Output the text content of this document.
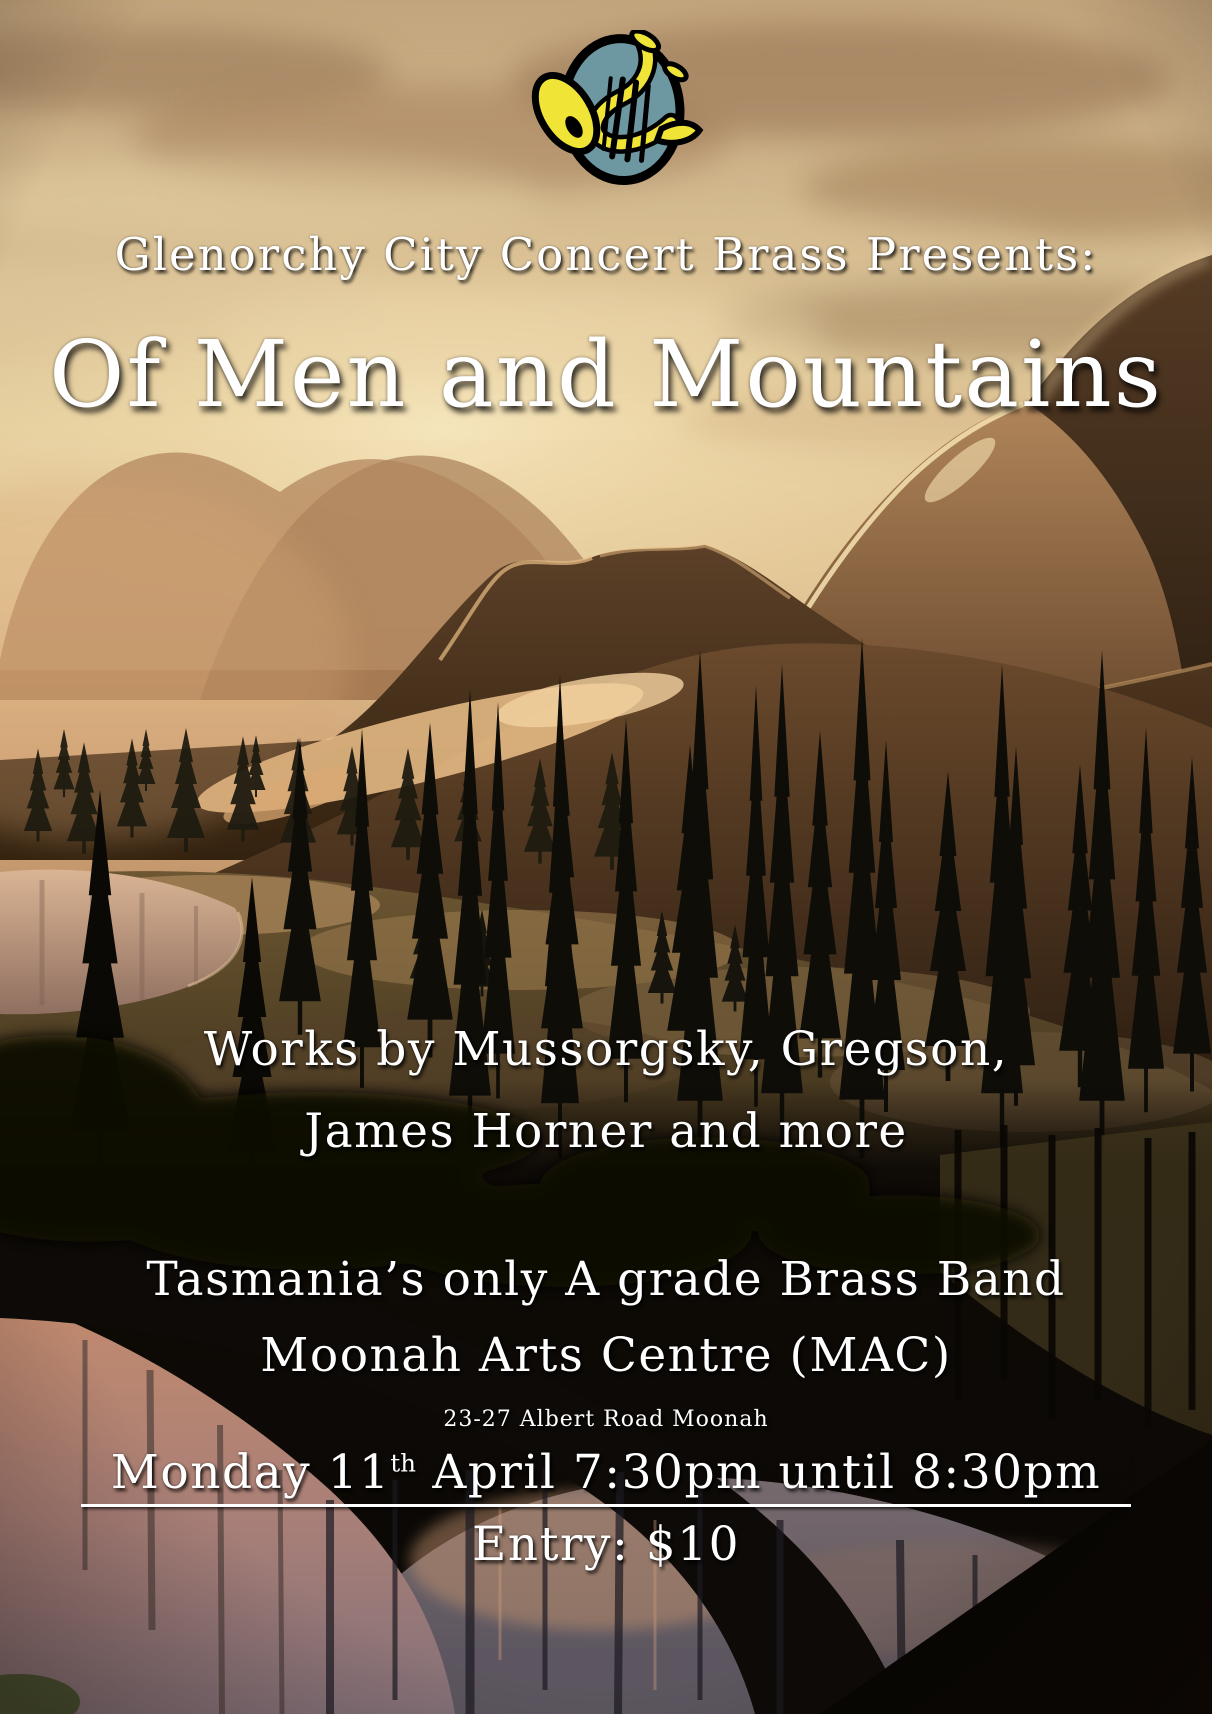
Glenorchy City Concert Brass Presents:
Of Men and Mountains
Works by Mussorgsky, Gregson,
James Horner and more
Tasmania’s only A grade Brass Band
Moonah Arts Centre (MAC)
23-27 Albert Road Moonah
Monday 11th April 7:30pm until 8:30pm
Entry: $10
